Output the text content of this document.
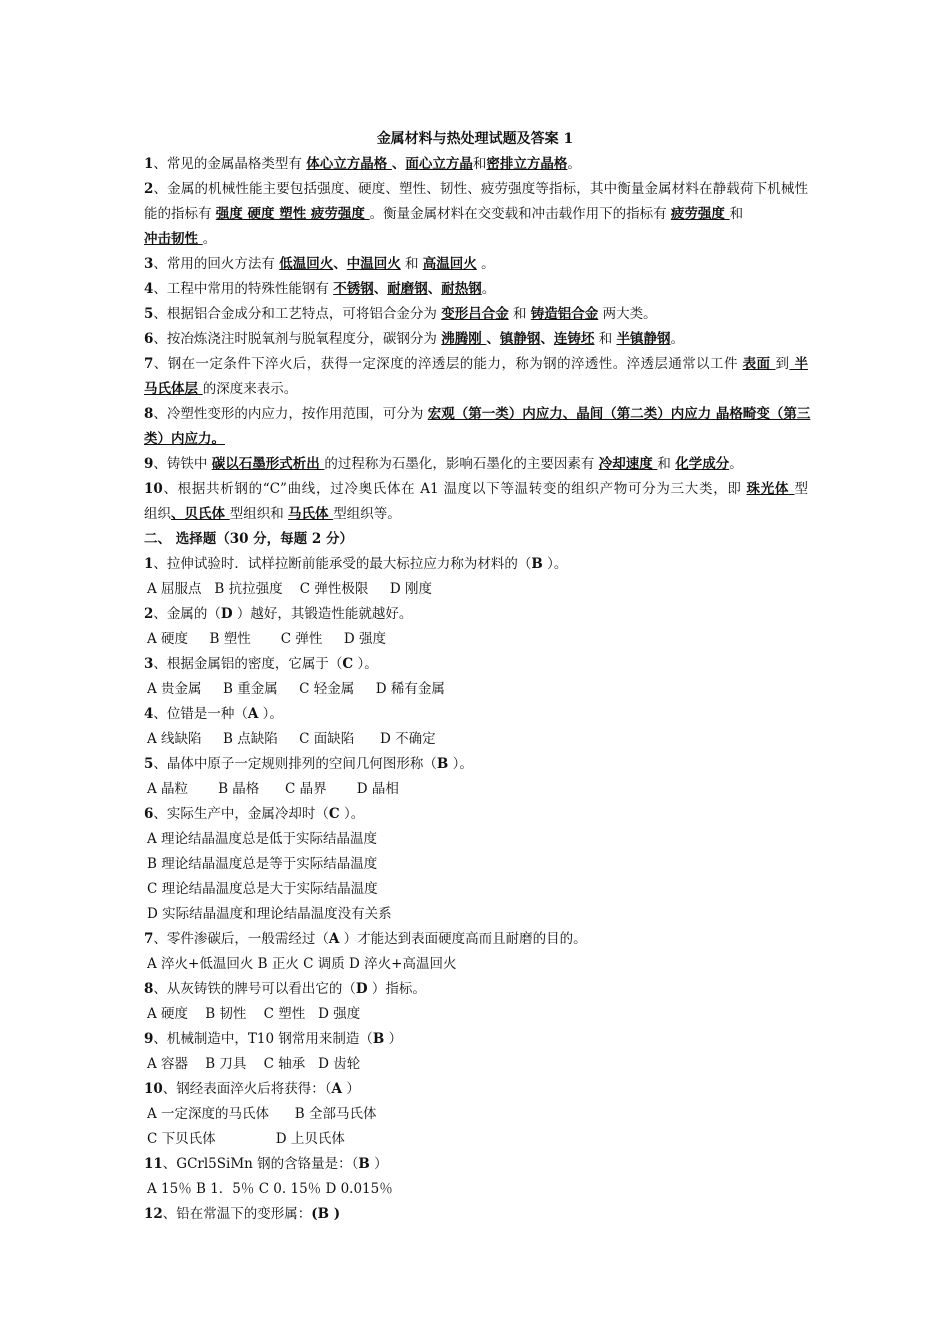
金属材料与热处理试题及答案 1
1、常见的金属晶格类型有 体心立方晶格 、面心立方晶和密排立方晶格。
2、金属的机械性能主要包括强度、硬度、塑性、韧性、疲劳强度等指标，其中衡量金属材料在静载荷下机械性
能的指标有 强度 硬度 塑性 疲劳强度 。衡量金属材料在交变载和冲击载作用下的指标有 疲劳强度 和
冲击韧性 。
3、常用的回火方法有 低温回火、中温回火 和 高温回火 。
4、工程中常用的特殊性能钢有 不锈钢、耐磨钢、耐热钢。
5、根据铝合金成分和工艺特点，可将铝合金分为 变形吕合金 和 铸造铝合金 两大类。
6、按冶炼浇注时脱氧剂与脱氧程度分，碳钢分为 沸腾刚 、镇静钢、连铸坯 和 半镇静钢。
7、钢在一定条件下淬火后，获得一定深度的淬透层的能力，称为钢的淬透性。淬透层通常以工件 表面 到 半
马氏体层 的深度来表示。
8、冷塑性变形的内应力，按作用范围，可分为 宏观（第一类）内应力、晶间（第二类）内应力 晶格畸变（第三
类）内应力。
9、铸铁中 碳以石墨形式析出 的过程称为石墨化，影响石墨化的主要因素有 冷却速度 和 化学成分。
10、根据共析钢的“C”曲线，过冷奥氏体在 A1 温度以下等温转变的组织产物可分为三大类，即 珠光体 型
组织、贝氏体 型组织和 马氏体 型组织等。
二、 选择题（30 分，每题 2 分）
1、拉伸试验时．试样拉断前能承受的最大标拉应力称为材料的（B ）。
A 屈服点   B 抗拉强度    C 弹性极限     D 刚度
2、金属的（D ）越好，其锻造性能就越好。
A 硬度     B 塑性       C 弹性     D 强度
3、根据金属铝的密度，它属于（C ）。
A 贵金属     B 重金属     C 轻金属     D 稀有金属
4、位错是一种（A ）。
A 线缺陷     B 点缺陷     C 面缺陷      D 不确定
5、晶体中原子一定规则排列的空间几何图形称（B ）。
A 晶粒       B 晶格      C 晶界       D 晶相
6、实际生产中，金属冷却时（C ）。
A 理论结晶温度总是低于实际结晶温度
B 理论结晶温度总是等于实际结晶温度
C 理论结晶温度总是大于实际结晶温度
D 实际结晶温度和理论结晶温度没有关系
7、零件渗碳后，一般需经过（A ）才能达到表面硬度高而且耐磨的目的。
A 淬火+低温回火 B 正火 C 调质 D 淬火+高温回火
8、从灰铸铁的牌号可以看出它的（D ）指标。
A 硬度    B 韧性    C 塑性   D 强度
9、机械制造中，T10 钢常用来制造（B ）
A 容器    B 刀具    C 轴承   D 齿轮
10、钢经表面淬火后将获得：（A ）
A 一定深度的马氏体      B 全部马氏体
C 下贝氏体              D 上贝氏体
11、GCrl5SiMn 钢的含铬量是：（B ）
A 15％ B 1．5％ C 0. 15％ D 0.015％
12、铅在常温下的变形属：(B )
